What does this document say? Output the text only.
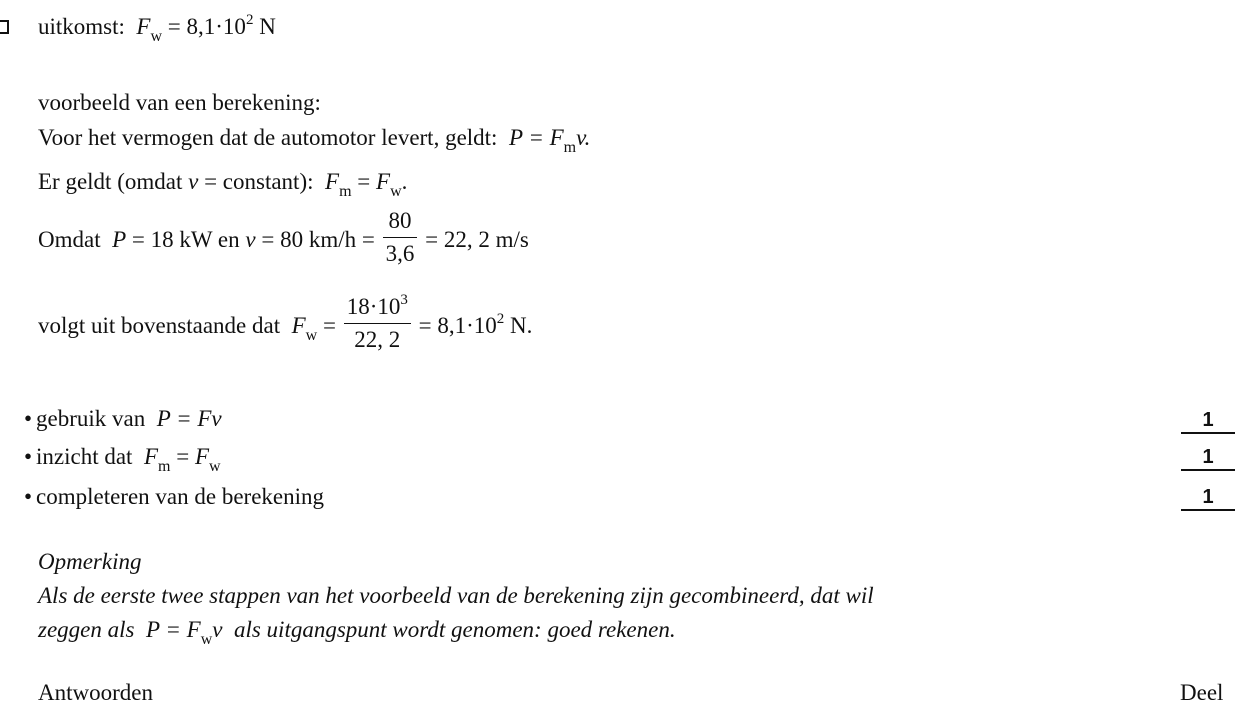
uitkomst: $F_w = 8,1\cdot 10^2$ N
voorbeeld van een berekening:
Voor het vermogen dat de automotor levert, geldt: $P = F_mv$.
Er geldt (omdat v = constant): $F_m = F_w$.
Omdat P = 18 kW en v = 80 $km/h = \frac{80}{3,6} = 22$, 2 m/s
volgt uit bovenstaande dat $F_w = \frac{18\cdot 10^3}{22, 2} = 8,1\cdot 10^2$ N.
• gebruik van P = Fv	1
• inzicht dat $F_m = F_w$	1
• completeren van de berekening	1
Opmerking
Als de eerste twee stappen van het voorbeeld van de berekening zijn gecombineerd, dat wil
zeggen als $P = F_wv$ als uitgangspunt wordt genomen: goed rekenen.
Antwoorden	Deel
